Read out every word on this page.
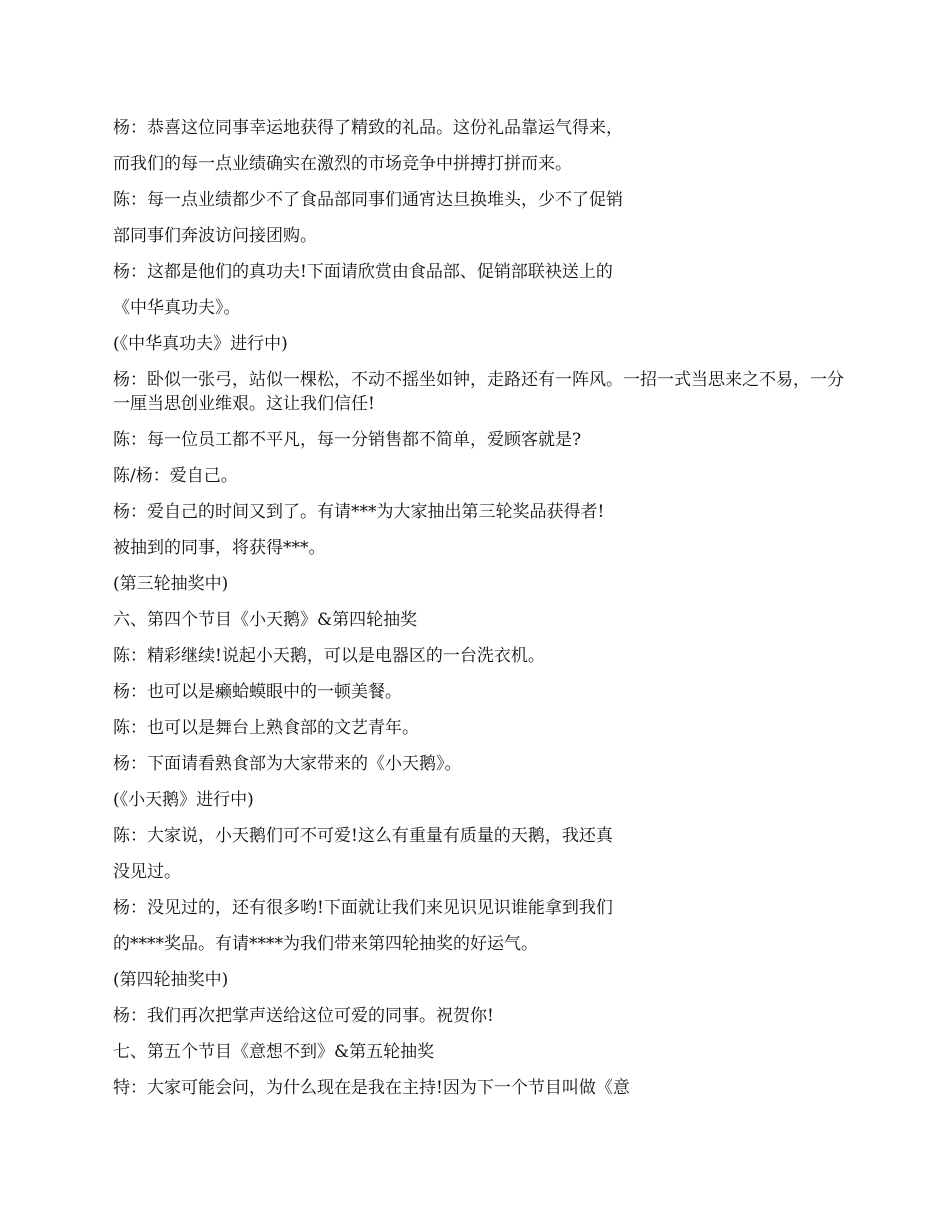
杨：恭喜这位同事幸运地获得了精致的礼品。这份礼品靠运气得来，

而我们的每一点业绩确实在激烈的市场竞争中拼搏打拼而来。

陈：每一点业绩都少不了食品部同事们通宵达旦换堆头，少不了促销

部同事们奔波访问接团购。

杨：这都是他们的真功夫!下面请欣赏由食品部、促销部联袂送上的

《中华真功夫》。

(《中华真功夫》进行中)

杨：卧似一张弓，站似一棵松，不动不摇坐如钟，走路还有一阵风。一招一式当思来之不易，一分一厘当思创业维艰。这让我们信任!

陈：每一位员工都不平凡，每一分销售都不简单，爱顾客就是?

陈/杨：爱自己。

杨：爱自己的时间又到了。有请***为大家抽出第三轮奖品获得者!

被抽到的同事，将获得***。

(第三轮抽奖中)

六、第四个节目《小天鹅》&第四轮抽奖

陈：精彩继续!说起小天鹅，可以是电器区的一台洗衣机。

杨：也可以是癞蛤蟆眼中的一顿美餐。

陈：也可以是舞台上熟食部的文艺青年。

杨：下面请看熟食部为大家带来的《小天鹅》。

(《小天鹅》进行中)

陈：大家说，小天鹅们可不可爱!这么有重量有质量的天鹅，我还真

没见过。

杨：没见过的，还有很多哟!下面就让我们来见识见识谁能拿到我们

的****奖品。有请****为我们带来第四轮抽奖的好运气。

(第四轮抽奖中)

杨：我们再次把掌声送给这位可爱的同事。祝贺你!

七、第五个节目《意想不到》&第五轮抽奖

特：大家可能会问，为什么现在是我在主持!因为下一个节目叫做《意
